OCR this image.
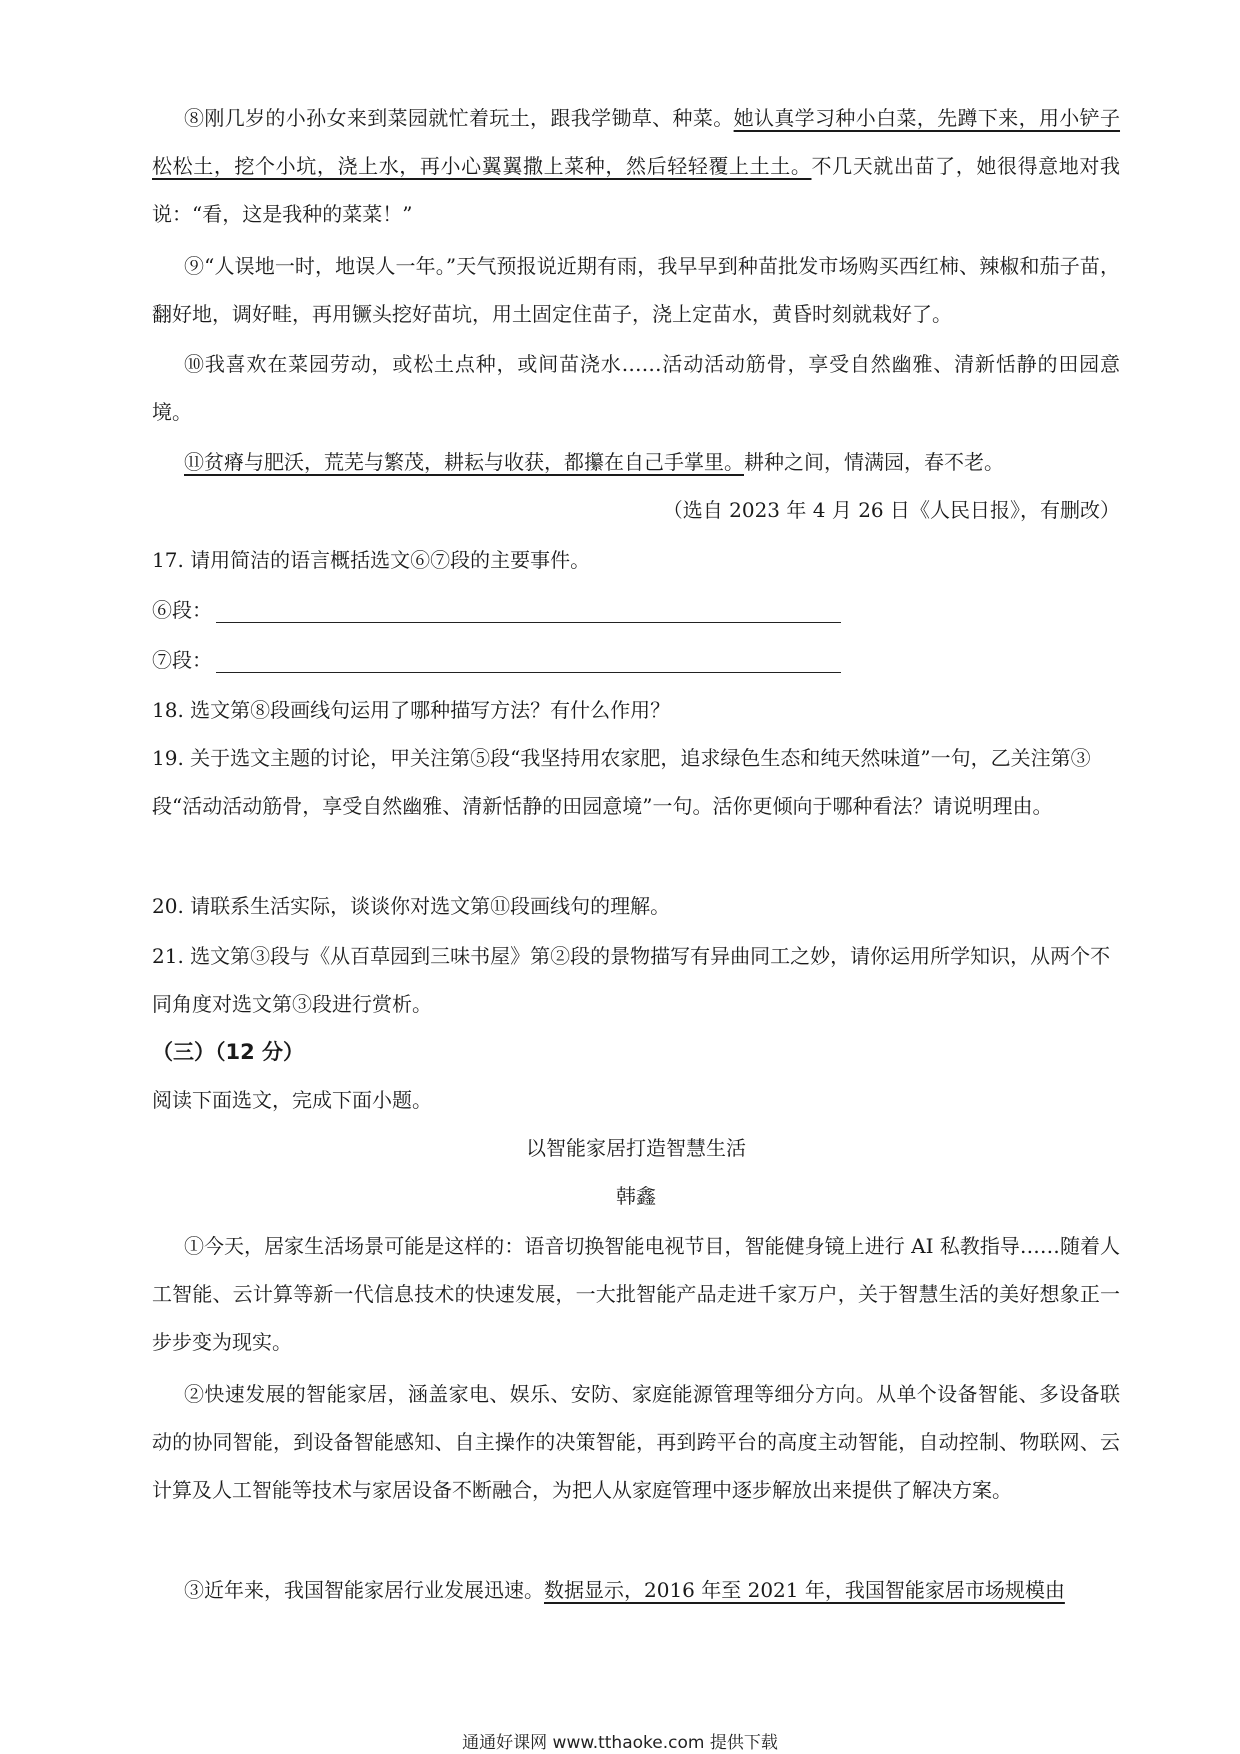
⑧刚几岁的小孙女来到菜园就忙着玩土，跟我学锄草、种菜。她认真学习种小白菜，先蹲下来，用小铲子松松土，挖个小坑，浇上水，再小心翼翼撒上菜种，然后轻轻覆上土土。不几天就出苗了，她很得意地对我说：“看，这是我种的菜菜！”
⑨“人误地一时，地误人一年。”天气预报说近期有雨，我早早到种苗批发市场购买西红柿、辣椒和茄子苗，翻好地，调好畦，再用镢头挖好苗坑，用土固定住苗子，浇上定苗水，黄昏时刻就栽好了。
⑩我喜欢在菜园劳动，或松土点种，或间苗浇水……活动活动筋骨，享受自然幽雅、清新恬静的田园意境。
⑪贫瘠与肥沃，荒芜与繁茂，耕耘与收获，都攥在自己手掌里。耕种之间，情满园，春不老。
（选自 2023 年 4 月 26 日《人民日报》，有删改）
17. 请用简洁的语言概括选文⑥⑦段的主要事件。
⑥段：
⑦段：
18. 选文第⑧段画线句运用了哪种描写方法？有什么作用？
19. 关于选文主题的讨论，甲关注第⑤段“我坚持用农家肥，追求绿色生态和纯天然味道”一句，乙关注第③段“活动活动筋骨，享受自然幽雅、清新恬静的田园意境”一句。活你更倾向于哪种看法？请说明理由。
20. 请联系生活实际，谈谈你对选文第⑪段画线句的理解。
21. 选文第③段与《从百草园到三味书屋》第②段的景物描写有异曲同工之妙，请你运用所学知识，从两个不同角度对选文第③段进行赏析。
（三）（12 分）
阅读下面选文，完成下面小题。
以智能家居打造智慧生活
韩鑫
①今天，居家生活场景可能是这样的：语音切换智能电视节目，智能健身镜上进行 AI 私教指导……随着人工智能、云计算等新一代信息技术的快速发展，一大批智能产品走进千家万户，关于智慧生活的美好想象正一步步变为现实。
②快速发展的智能家居，涵盖家电、娱乐、安防、家庭能源管理等细分方向。从单个设备智能、多设备联动的协同智能，到设备智能感知、自主操作的决策智能，再到跨平台的高度主动智能，自动控制、物联网、云计算及人工智能等技术与家居设备不断融合，为把人从家庭管理中逐步解放出来提供了解决方案。
③近年来，我国智能家居行业发展迅速。数据显示，2016 年至 2021 年，我国智能家居市场规模由
通通好课网 www.tthaoke.com 提供下载
